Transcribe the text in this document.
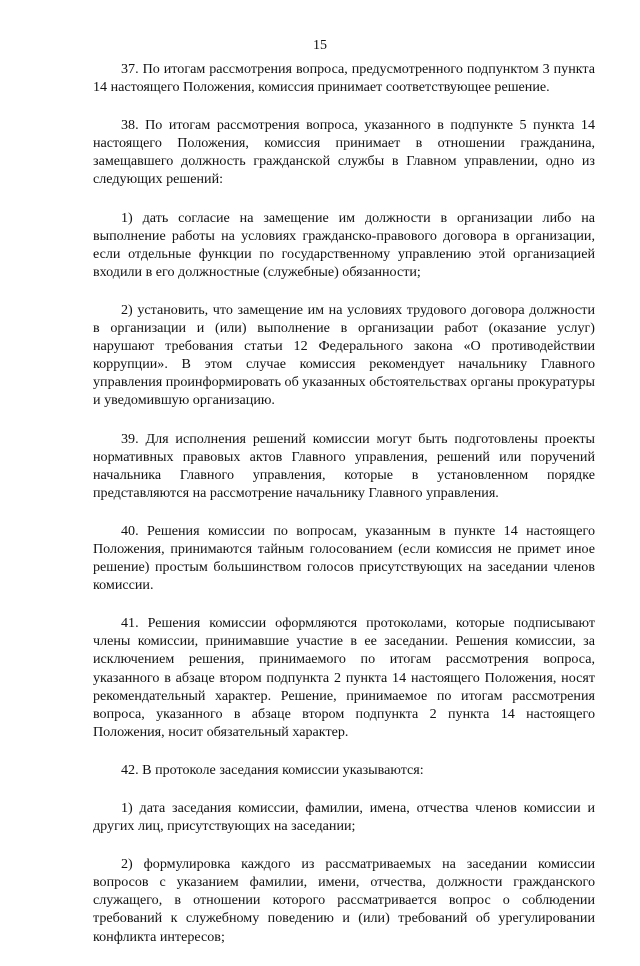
15

37. По итогам рассмотрения вопроса, предусмотренного подпунктом 3 пункта 14 настоящего Положения, комиссия принимает соответствующее решение.

38. По итогам рассмотрения вопроса, указанного в подпункте 5 пункта 14 настоящего Положения, комиссия принимает в отношении гражданина, замещавшего должность гражданской службы в Главном управлении, одно из следующих решений:

1) дать согласие на замещение им должности в организации либо на выполнение работы на условиях гражданско-правового договора в организации, если отдельные функции по государственному управлению этой организацией входили в его должностные (служебные) обязанности;

2) установить, что замещение им на условиях трудового договора должности в организации и (или) выполнение в организации работ (оказание услуг) нарушают требования статьи 12 Федерального закона «О противодействии коррупции». В этом случае комиссия рекомендует начальнику Главного управления проинформировать об указанных обстоятельствах органы прокуратуры и уведомившую организацию.

39. Для исполнения решений комиссии могут быть подготовлены проекты нормативных правовых актов Главного управления, решений или поручений начальника Главного управления, которые в установленном порядке представляются на рассмотрение начальнику Главного управления.

40. Решения комиссии по вопросам, указанным в пункте 14 настоящего Положения, принимаются тайным голосованием (если комиссия не примет иное решение) простым большинством голосов присутствующих на заседании членов комиссии.

41. Решения комиссии оформляются протоколами, которые подписывают члены комиссии, принимавшие участие в ее заседании. Решения комиссии, за исключением решения, принимаемого по итогам рассмотрения вопроса, указанного в абзаце втором подпункта 2 пункта 14 настоящего Положения, носят рекомендательный характер. Решение, принимаемое по итогам рассмотрения вопроса, указанного в абзаце втором подпункта 2 пункта 14 настоящего Положения, носит обязательный характер.

42. В протоколе заседания комиссии указываются:

1) дата заседания комиссии, фамилии, имена, отчества членов комиссии и других лиц, присутствующих на заседании;

2) формулировка каждого из рассматриваемых на заседании комиссии вопросов с указанием фамилии, имени, отчества, должности гражданского служащего, в отношении которого рассматривается вопрос о соблюдении требований к служебному поведению и (или) требований об урегулировании конфликта интересов;
